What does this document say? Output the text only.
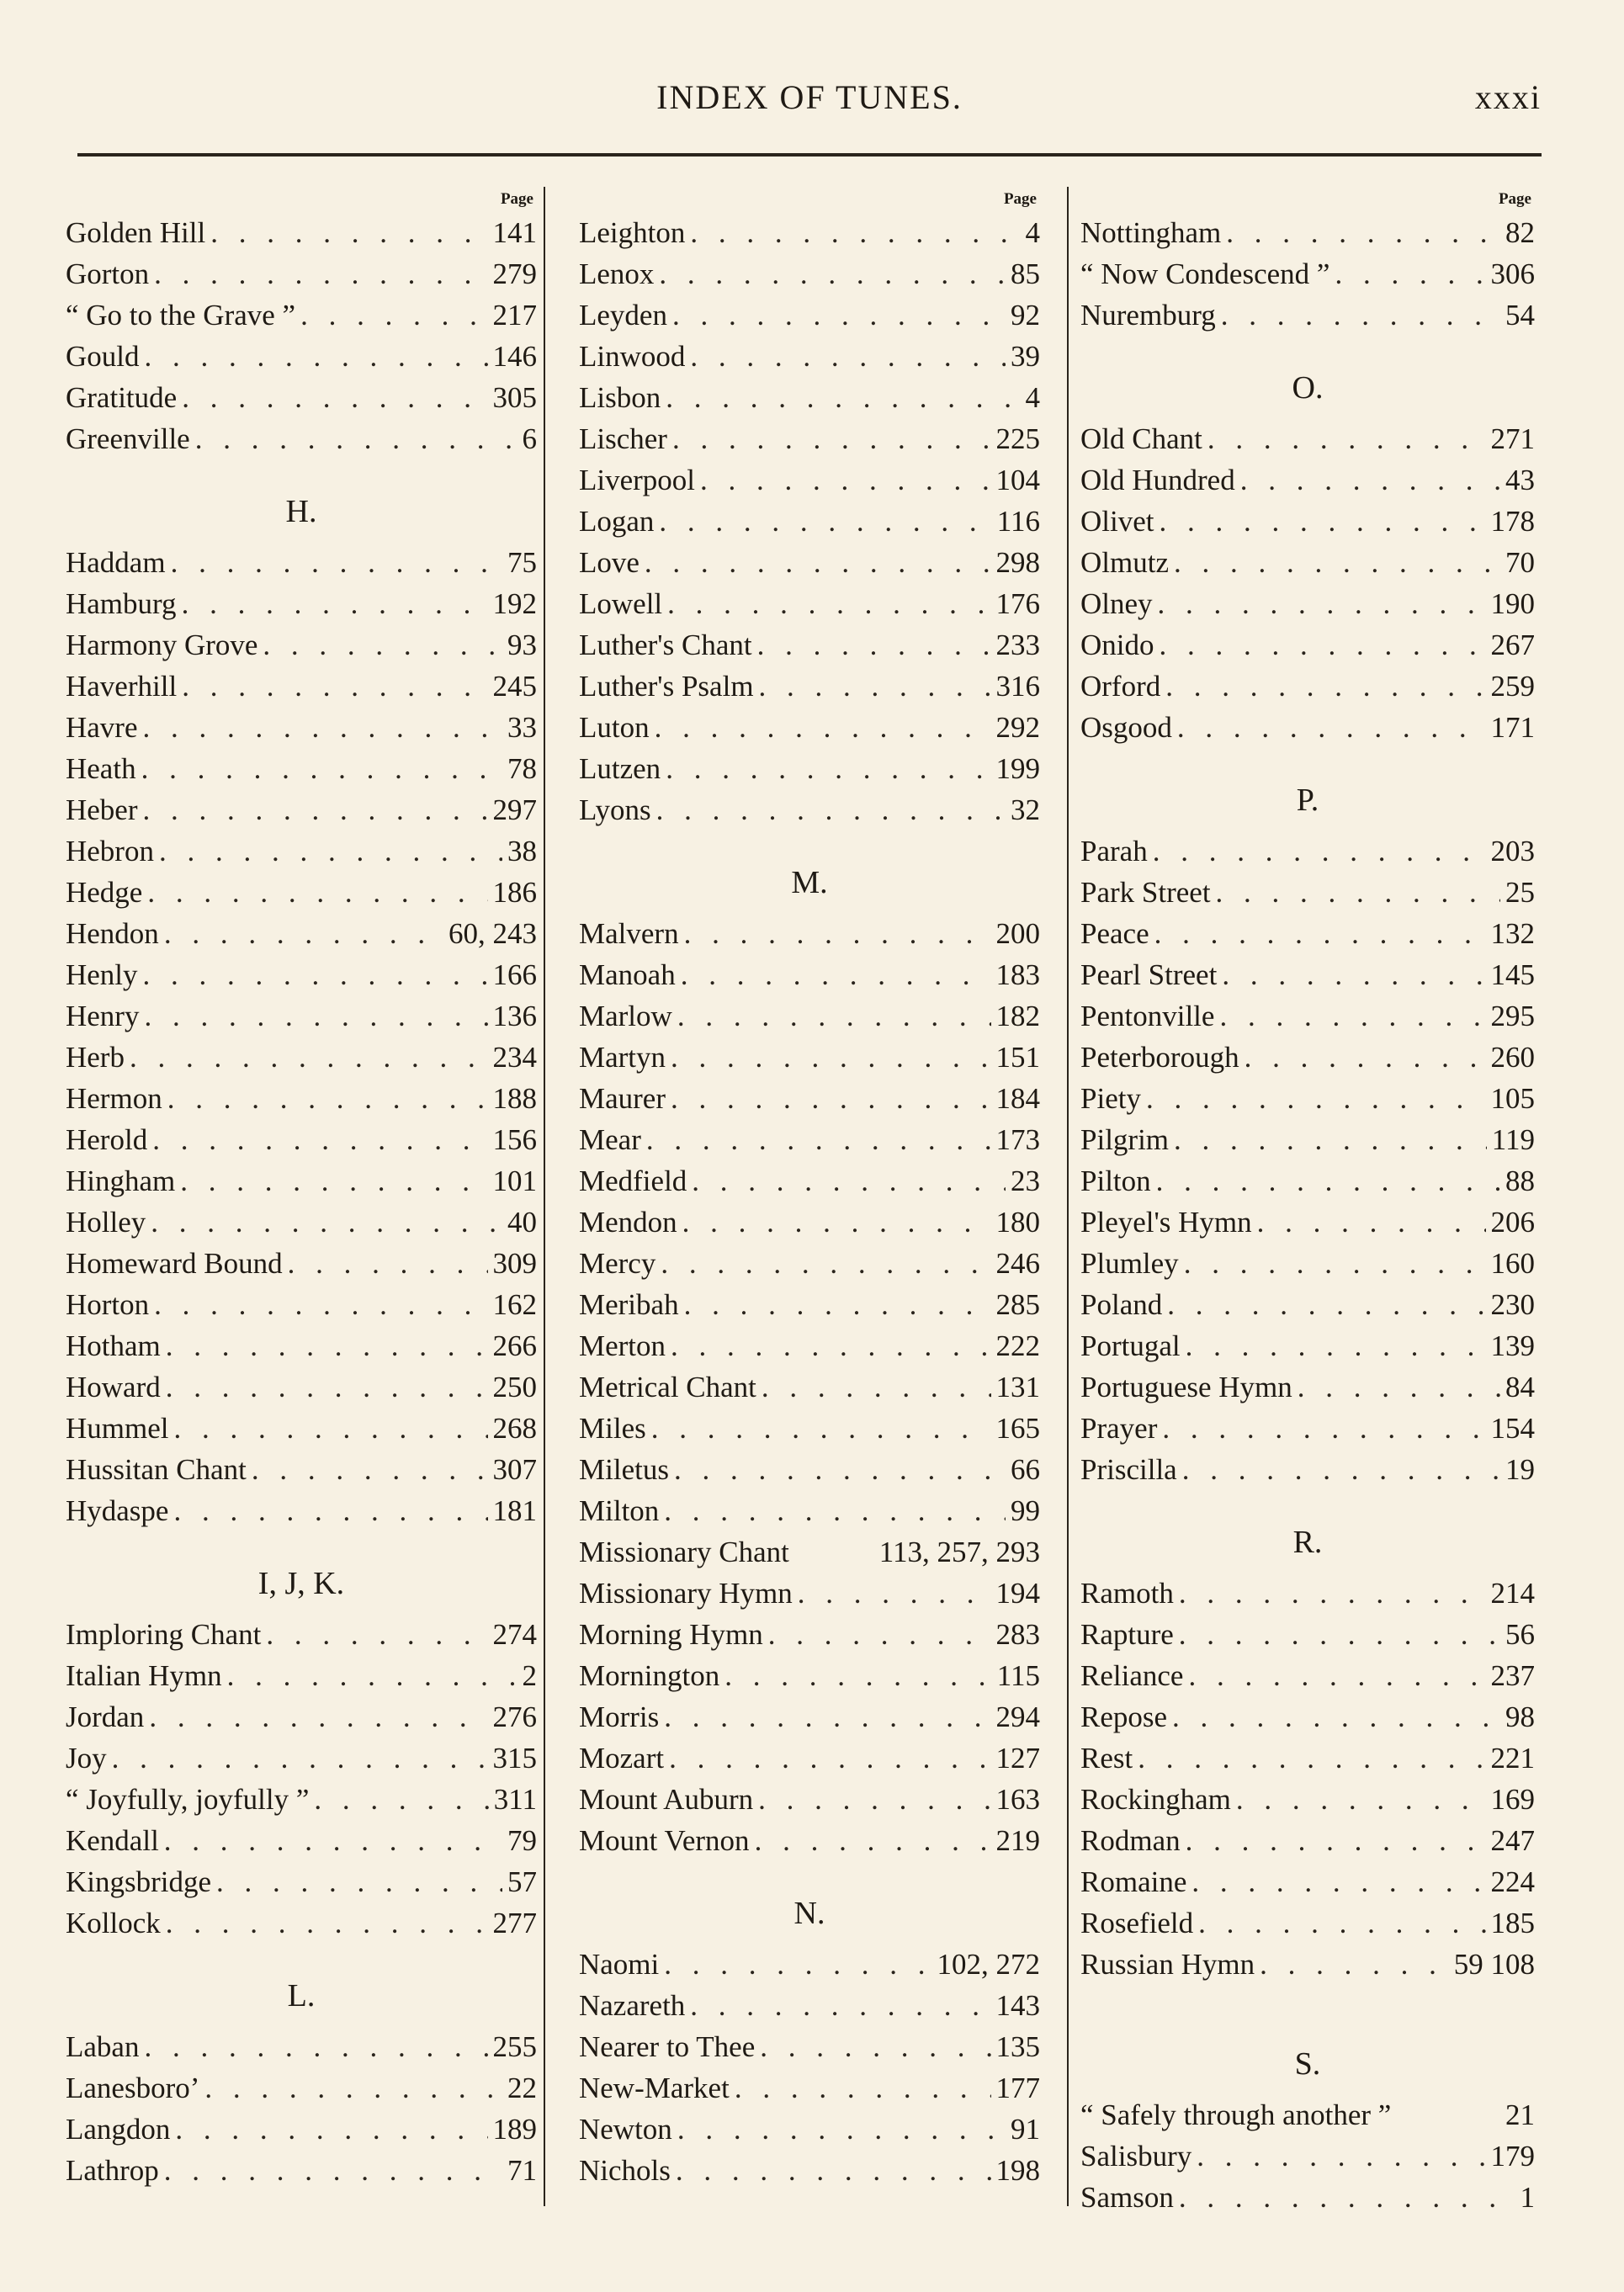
INDEX OF TUNES.	xxxi
Page
Golden Hill . . .	141
Gorton . . .	279
“ Go to the Grave ” . . .	217
Gould . . .	146
Gratitude . . .	305
Greenville . . .	6
H.
Haddam . . .	75
Hamburg . . .	192
Harmony Grove . . .	93
Haverhill . . .	245
Havre . . .	33
Heath . . .	78
Heber . . .	297
Hebron . . .	38
Hedge . . .	186
Hendon . . .	60, 243
Henly . . .	166
Henry . . .	136
Herb . . .	234
Hermon . . .	188
Herold . . .	156
Hingham . . .	101
Holley . . .	40
Homeward Bound . . .	309
Horton . . .	162
Hotham . . .	266
Howard . . .	250
Hummel . . .	268
Hussitan Chant . . .	307
Hydaspe . . .	181
I, J, K.
Imploring Chant . . .	274
Italian Hymn . . .	2
Jordan . . .	276
Joy . . .	315
“ Joyfully, joyfully ” . . .	311
Kendall . . .	79
Kingsbridge . . .	57
Kollock . . .	277
L.
Laban . . .	255
Lanesboro’ . . .	22
Langdon . . .	189
Lathrop . . .	71
Page
Leighton . . .	4
Lenox . . .	85
Leyden . . .	92
Linwood . . .	39
Lisbon . . .	4
Lischer . . .	225
Liverpool . . .	104
Logan . . .	116
Love . . .	298
Lowell . . .	176
Luther's Chant . . .	233
Luther's Psalm . . .	316
Luton . . .	292
Lutzen . . .	199
Lyons . . .	32
M.
Malvern . . .	200
Manoah . . .	183
Marlow . . .	182
Martyn . . .	151
Maurer . . .	184
Mear . . .	173
Medfield . . .	23
Mendon . . .	180
Mercy . . .	246
Meribah . . .	285
Merton . . .	222
Metrical Chant . . .	131
Miles . . .	165
Miletus . . .	66
Milton . . .	99
Missionary Chant	113, 257, 293
Missionary Hymn . . .	194
Morning Hymn . . .	283
Mornington . . .	115
Morris . . .	294
Mozart . . .	127
Mount Auburn . . .	163
Mount Vernon . . .	219
N.
Naomi . . .	102, 272
Nazareth . . .	143
Nearer to Thee . . .	135
New-Market . . .	177
Newton . . .	91
Nichols . . .	198
Page
Nottingham . . .	82
“ Now Condescend ” . . .	306
Nuremburg . . .	54
O.
Old Chant . . .	271
Old Hundred . . .	43
Olivet . . .	178
Olmutz . . .	70
Olney . . .	190
Onido . . .	267
Orford . . .	259
Osgood . . .	171
P.
Parah . . .	203
Park Street . . .	25
Peace . . .	132
Pearl Street . . .	145
Pentonville . . .	295
Peterborough . . .	260
Piety . . .	105
Pilgrim . . .	119
Pilton . . .	88
Pleyel's Hymn . . .	206
Plumley . . .	160
Poland . . .	230
Portugal . . .	139
Portuguese Hymn . . .	84
Prayer . . .	154
Priscilla . . .	19
R.
Ramoth . . .	214
Rapture . . .	56
Reliance . . .	237
Repose . . .	98
Rest . . .	221
Rockingham . . .	169
Rodman . . .	247
Romaine . . .	224
Rosefield . . .	185
Russian Hymn . . .	59 108
S.
“ Safely through another ”	21
Salisbury . . .	179
Samson . . .	1
